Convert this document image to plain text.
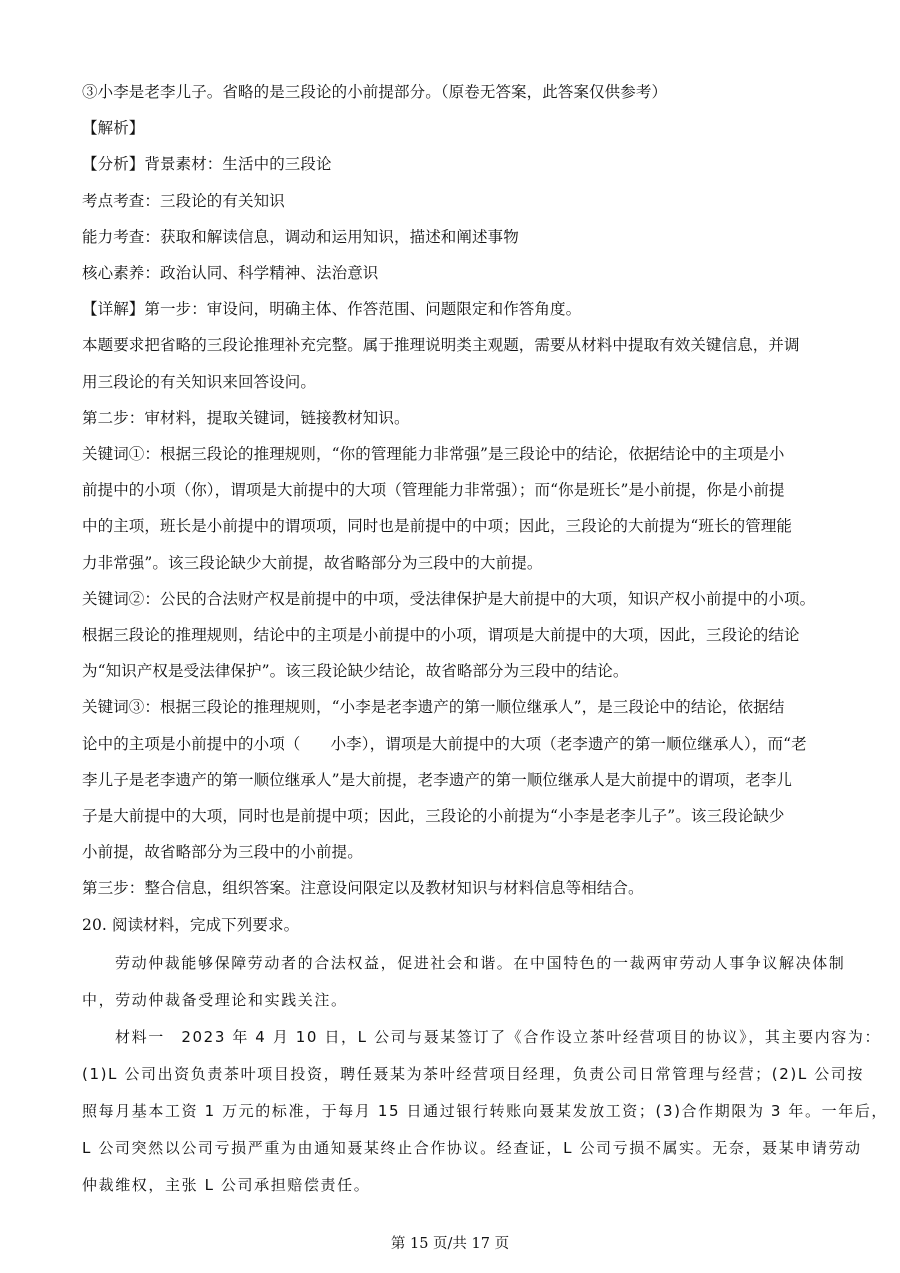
③小李是老李儿子。省略的是三段论的小前提部分。（原卷无答案，此答案仅供参考）
【解析】
【分析】背景素材：生活中的三段论
考点考查：三段论的有关知识
能力考查：获取和解读信息，调动和运用知识，描述和阐述事物
核心素养：政治认同、科学精神、法治意识
【详解】第一步：审设问，明确主体、作答范围、问题限定和作答角度。
本题要求把省略的三段论推理补充完整。属于推理说明类主观题，需要从材料中提取有效关键信息，并调
用三段论的有关知识来回答设问。
第二步：审材料，提取关键词，链接教材知识。
关键词①：根据三段论的推理规则，“你的管理能力非常强”是三段论中的结论，依据结论中的主项是小
前提中的小项（你），谓项是大前提中的大项（管理能力非常强）；而“你是班长”是小前提，你是小前提
中的主项，班长是小前提中的谓项项，同时也是前提中的中项；因此，三段论的大前提为“班长的管理能
力非常强”。该三段论缺少大前提，故省略部分为三段中的大前提。
关键词②：公民的合法财产权是前提中的中项，受法律保护是大前提中的大项，知识产权小前提中的小项。
根据三段论的推理规则，结论中的主项是小前提中的小项，谓项是大前提中的大项，因此，三段论的结论
为“知识产权是受法律保护”。该三段论缺少结论，故省略部分为三段中的结论。
关键词③：根据三段论的推理规则，“小李是老李遗产的第一顺位继承人”，是三段论中的结论，依据结
论中的主项是小前提中的小项（      小李），谓项是大前提中的大项（老李遗产的第一顺位继承人），而“老
李儿子是老李遗产的第一顺位继承人”是大前提，老李遗产的第一顺位继承人是大前提中的谓项，老李儿
子是大前提中的大项，同时也是前提中项；因此，三段论的小前提为“小李是老李儿子”。该三段论缺少
小前提，故省略部分为三段中的小前提。
第三步：整合信息，组织答案。注意设问限定以及教材知识与材料信息等相结合。
20. 阅读材料，完成下列要求。
劳动仲裁能够保障劳动者的合法权益，促进社会和谐。在中国特色的一裁两审劳动人事争议解决体制
中，劳动仲裁备受理论和实践关注。
材料一　2023 年 4 月 10 日，L 公司与聂某签订了《合作设立茶叶经营项目的协议》，其主要内容为：
(1)L 公司出资负责茶叶项目投资，聘任聂某为茶叶经营项目经理，负责公司日常管理与经营；(2)L 公司按
照每月基本工资 1 万元的标准，于每月 15 日通过银行转账向聂某发放工资；(3)合作期限为 3 年。一年后，
L 公司突然以公司亏损严重为由通知聂某终止合作协议。经查证，L 公司亏损不属实。无奈，聂某申请劳动
仲裁维权，主张 L 公司承担赔偿责任。
第 15 页/共 17 页
